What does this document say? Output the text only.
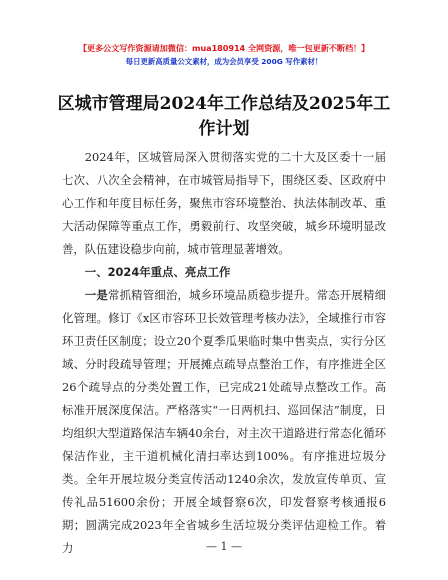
【更多公文写作资源请加微信：mua180914 全网资源，唯一包更新不断档！】
每日更新高质量公文素材，成为会员享受 200G 写作素材！
区城市管理局2024年工作总结及2025年工作计划

2024年，区城管局深入贯彻落实党的二十大及区委十一届七次、八次全会精神，在市城管局指导下，围绕区委、区政府中心工作和年度目标任务，聚焦市容环境整治、执法体制改革、重大活动保障等重点工作，勇毅前行、攻坚突破，城乡环境明显改善，队伍建设稳步向前，城市管理显著增效。

一、2024年重点、亮点工作

一是常抓精管细治，城乡环境品质稳步提升。常态开展精细化管理。修订《x区市容环卫长效管理考核办法》，全域推行市容环卫责任区制度；设立20个夏季瓜果临时集中售卖点，实行分区域、分时段疏导管理；开展摊点疏导点整治工作，有序推进全区26个疏导点的分类处置工作，已完成21处疏导点整改工作。高标准开展深度保洁。严格落实“一日两机扫、巡回保洁”制度，日均组织大型道路保洁车辆40余台，对主次干道路进行常态化循环保洁作业，主干道机械化清扫率达到100%。有序推进垃圾分类。全年开展垃圾分类宣传活动1240余次，发放宣传单页、宣传礼品51600余份；开展全域督察6次，印发督察考核通报6期；圆满完成2023年全省城乡生活垃圾分类评估迎检工作。着力	— 1 —
